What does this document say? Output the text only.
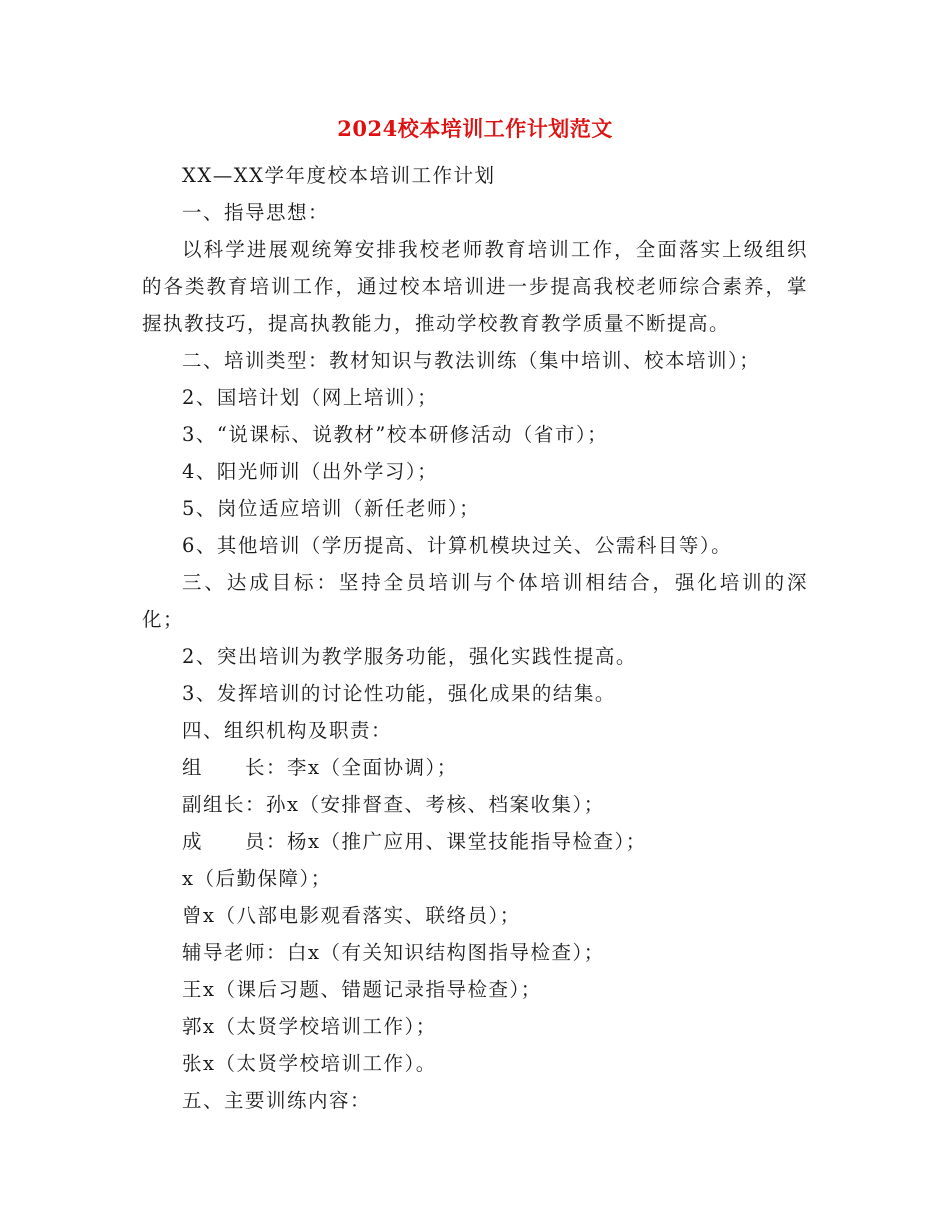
2024校本培训工作计划范文

XX—XX学年度校本培训工作计划

一、指导思想：

以科学进展观统筹安排我校老师教育培训工作，全面落实上级组织的各类教育培训工作，通过校本培训进一步提高我校老师综合素养，掌握执教技巧，提高执教能力，推动学校教育教学质量不断提高。

二、培训类型：教材知识与教法训练（集中培训、校本培训）；

2、国培计划（网上培训）；

3、“说课标、说教材”校本研修活动（省市）；

4、阳光师训（出外学习）；

5、岗位适应培训（新任老师）；

6、其他培训（学历提高、计算机模块过关、公需科目等）。

三、达成目标：坚持全员培训与个体培训相结合，强化培训的深化；

2、突出培训为教学服务功能，强化实践性提高。

3、发挥培训的讨论性功能，强化成果的结集。

四、组织机构及职责：

组　　长：李x（全面协调）；

副组长：孙x（安排督查、考核、档案收集）；

成　　员：杨x（推广应用、课堂技能指导检查）；

x（后勤保障）；

曾x（八部电影观看落实、联络员）；

辅导老师：白x（有关知识结构图指导检查）；

王x（课后习题、错题记录指导检查）；

郭x（太贤学校培训工作）；

张x（太贤学校培训工作）。

五、主要训练内容：
